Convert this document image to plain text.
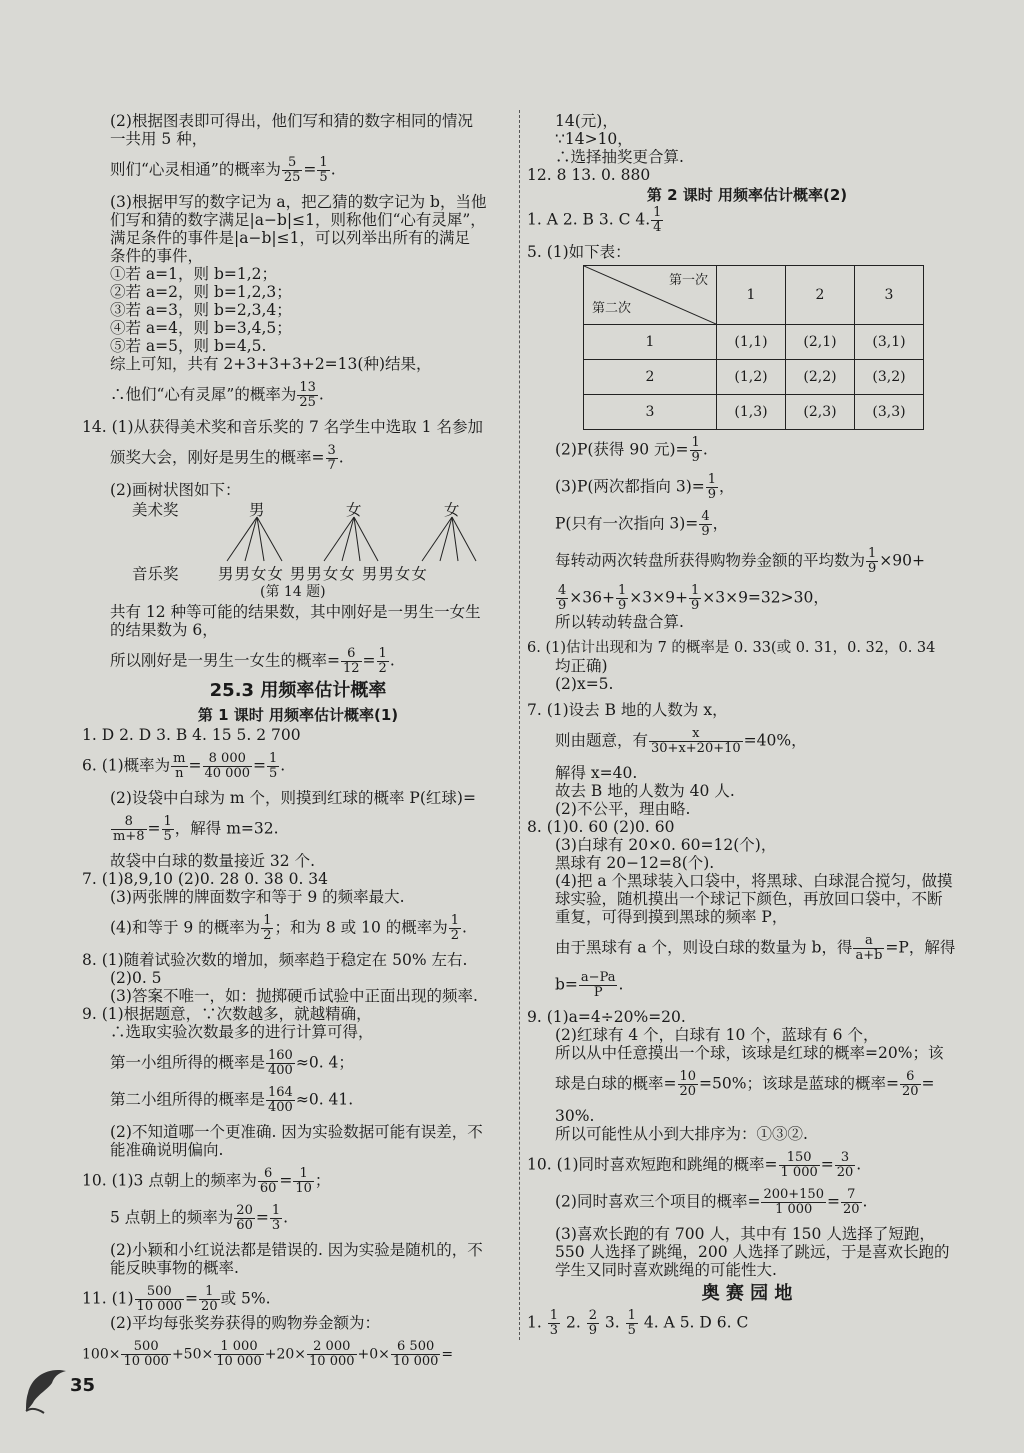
(2)根据图表即可得出，他们写和猜的数字相同的情况

一共用 5 种，

则们“心灵相通”的概率为 $\frac{5}{25} = \frac{1}{5}$ .

(3)根据甲写的数字记为 a，把乙猜的数字记为 b，当他

们写和猜的数字满足|a−b|≤1，则称他们“心有灵犀”，

满足条件的事件是|a−b|≤1，可以列举出所有的满足

条件的事件，

①若 a=1，则 b=1,2；

②若 a=2，则 b=1,2,3；

③若 a=3，则 b=2,3,4；

④若 a=4，则 b=3,4,5；

⑤若 a=5，则 b=4,5.

综上可知，共有 2+3+3+3+2=13(种)结果，

∴他们“心有灵犀”的概率为 $\frac{13}{25}$ .

14. (1)从获得美术奖和音乐奖的 7 名学生中选取 1 名参加

颁奖大会，刚好是男生的概率= $\frac{3}{7}$ .

(2)画树状图如下：

美术奖	男	女	女
音乐奖	男男女女 男男女女 男男女女
(第 14 题)

共有 12 种等可能的结果数，其中刚好是一男生一女生

的结果数为 6，

所以刚好是一男生一女生的概率= $\frac{6}{12} = \frac{1}{2}$ .

25.3 用频率估计概率
第 1 课时 用频率估计概率(1)

1. D 2. D 3. B 4. 15 5. 2 700

6. (1)概率为 $\frac{m}{n} = \frac{8 000}{40 000} = \frac{1}{5}$ .

(2)设袋中白球为 m 个，则摸到红球的概率 P(红球)=

$\frac{8}{m+8} = \frac{1}{5}$ ，解得 m=32.

故袋中白球的数量接近 32 个.

7. (1)8,9,10 (2)0. 28 0. 38 0. 34

(3)两张牌的牌面数字和等于 9 的频率最大.

(4)和等于 9 的概率为 $\frac{1}{2}$ ；和为 8 或 10 的概率为 $\frac{1}{2}$ .

8. (1)随着试验次数的增加，频率趋于稳定在 50% 左右.

(2)0. 5

(3)答案不唯一，如：抛掷硬币试验中正面出现的频率.

9. (1)根据题意，∵次数越多，就越精确，

∴选取实验次数最多的进行计算可得，

第一小组所得的概率是 $\frac{160}{400} \approx 0$. 4；

第二小组所得的概率是 $\frac{164}{400} \approx 0$. 41.

(2)不知道哪一个更准确. 因为实验数据可能有误差，不

能准确说明偏向.

10. (1)3 点朝上的频率为 $\frac{6}{60} = \frac{1}{10}$ ；

5 点朝上的频率为 $\frac{20}{60} = \frac{1}{3}$ .

(2)小颖和小红说法都是错误的. 因为实验是随机的，不

能反映事物的概率.

11. $(1) \frac{500}{10 000} = \frac{1}{20}$ 或 5%.

(2)平均每张奖券获得的购物券金额为：

$100\times \frac{500}{10 000} +50\times \frac{1 000}{10 000} +20\times \frac{2 000}{10 000} +0\times \frac{6 500}{10 000}$ =

14(元)，

∵14>10，

∴选择抽奖更合算.

12. 8 13. 0. 880

第 2 课时 用频率估计概率(2)

1. A 2. B 3. C 4. $\frac{1}{4}$

5. (1)如下表：

第一次
第二次	1	2	3
1	(1,1)	(2,1)	(3,1)
2	(1,2)	(2,2)	(3,2)
3	(1,3)	(2,3)	(3,3)

(2)P(获得 90 元)= $\frac{1}{9}$ .

(3)P(两次都指向 $3)= \frac{1}{9}$ ，

P(只有一次指向 $3)= \frac{4}{9}$ ，

每转动两次转盘所获得购物券金额的平均数为 $\frac{1}{9} \times 90+$

$\frac{4}{9} \times 36+ \frac{1}{9} \times 3\times 9+ \frac{1}{9} \times 3\times 9=32>30$，

所以转动转盘合算.

6. (1)估计出现和为 7 的概率是 0. 33(或 0. 31，0. 32，0. 34

均正确)

(2)x=5.

7. (1)设去 B 地的人数为 x，

则由题意，有 $\frac{x}{30+x+20+10} =40\%$，

解得 x=40.

故去 B 地的人数为 40 人.

(2)不公平，理由略.

8. (1)0. 60 (2)0. 60

(3)白球有 20×0. 60=12(个)，

黑球有 20−12=8(个).

(4)把 a 个黑球装入口袋中，将黑球、白球混合搅匀，做摸

球实验，随机摸出一个球记下颜色，再放回口袋中，不断

重复，可得到摸到黑球的频率 P，

由于黑球有 a 个，则设白球的数量为 b，得 $\frac{a}{a+b} =P$，解得

$b= \frac{a-Pa}{P}$ .

9. (1)a=4÷20%=20.

(2)红球有 4 个，白球有 10 个，蓝球有 6 个，

所以从中任意摸出一个球，该球是红球的概率=20%；该

球是白球的概率= $\frac{10}{20} =50\%$；该球是蓝球的概率= $\frac{6}{20}$ =

30%.

所以可能性从小到大排序为：①③②.

10. (1)同时喜欢短跑和跳绳的概率= $\frac{150}{1 000} = \frac{3}{20}$ .

(2)同时喜欢三个项目的概率= $\frac{200+150}{1 000} = \frac{7}{20}$ .

(3)喜欢长跑的有 700 人，其中有 150 人选择了短跑，

550 人选择了跳绳，200 人选择了跳远，于是喜欢长跑的

学生又同时喜欢跳绳的可能性大.

奥 赛 园 地

1. $\frac{1}{3} 2$. $\frac{2}{9} 3$. $\frac{1}{5} 4$. A 5. D 6. C

35
